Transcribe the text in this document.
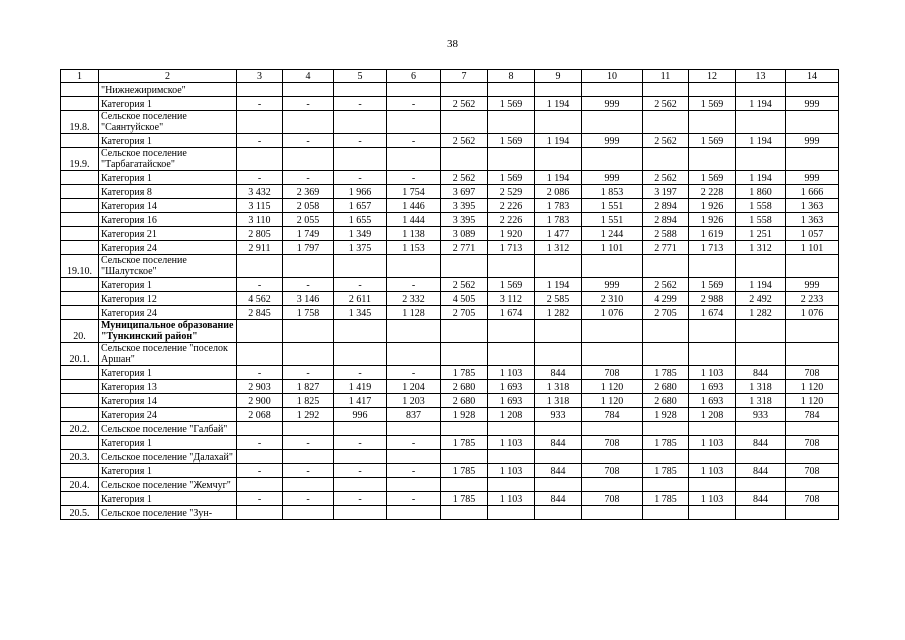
38
1	2	3	4	5	6	7	8	9	10	11	12	13	14
	"Нижнежиримское"												
	Категория 1	-	-	-	-	2 562	1 569	1 194	999	2 562	1 569	1 194	999
19.8.	Сельское поселение "Саянтуйское"												
	Категория 1	-	-	-	-	2 562	1 569	1 194	999	2 562	1 569	1 194	999
19.9.	Сельское поселение "Тарбагатайское"												
	Категория 1	-	-	-	-	2 562	1 569	1 194	999	2 562	1 569	1 194	999
	Категория 8	3 432	2 369	1 966	1 754	3 697	2 529	2 086	1 853	3 197	2 228	1 860	1 666
	Категория 14	3 115	2 058	1 657	1 446	3 395	2 226	1 783	1 551	2 894	1 926	1 558	1 363
	Категория 16	3 110	2 055	1 655	1 444	3 395	2 226	1 783	1 551	2 894	1 926	1 558	1 363
	Категория 21	2 805	1 749	1 349	1 138	3 089	1 920	1 477	1 244	2 588	1 619	1 251	1 057
	Категория 24	2 911	1 797	1 375	1 153	2 771	1 713	1 312	1 101	2 771	1 713	1 312	1 101
19.10.	Сельское поселение "Шалутское"												
	Категория 1	-	-	-	-	2 562	1 569	1 194	999	2 562	1 569	1 194	999
	Категория 12	4 562	3 146	2 611	2 332	4 505	3 112	2 585	2 310	4 299	2 988	2 492	2 233
	Категория 24	2 845	1 758	1 345	1 128	2 705	1 674	1 282	1 076	2 705	1 674	1 282	1 076
20.	Муниципальное образование "Тункинский район"												
20.1.	Сельское поселение "поселок Аршан"												
	Категория 1	-	-	-	-	1 785	1 103	844	708	1 785	1 103	844	708
	Категория 13	2 903	1 827	1 419	1 204	2 680	1 693	1 318	1 120	2 680	1 693	1 318	1 120
	Категория 14	2 900	1 825	1 417	1 203	2 680	1 693	1 318	1 120	2 680	1 693	1 318	1 120
	Категория 24	2 068	1 292	996	837	1 928	1 208	933	784	1 928	1 208	933	784
20.2.	Сельское поселение "Галбай"												
	Категория 1	-	-	-	-	1 785	1 103	844	708	1 785	1 103	844	708
20.3.	Сельское поселение "Далахай"												
	Категория 1	-	-	-	-	1 785	1 103	844	708	1 785	1 103	844	708
20.4.	Сельское поселение "Жемчуг"												
	Категория 1	-	-	-	-	1 785	1 103	844	708	1 785	1 103	844	708
20.5.	Сельское поселение "Зун-												
